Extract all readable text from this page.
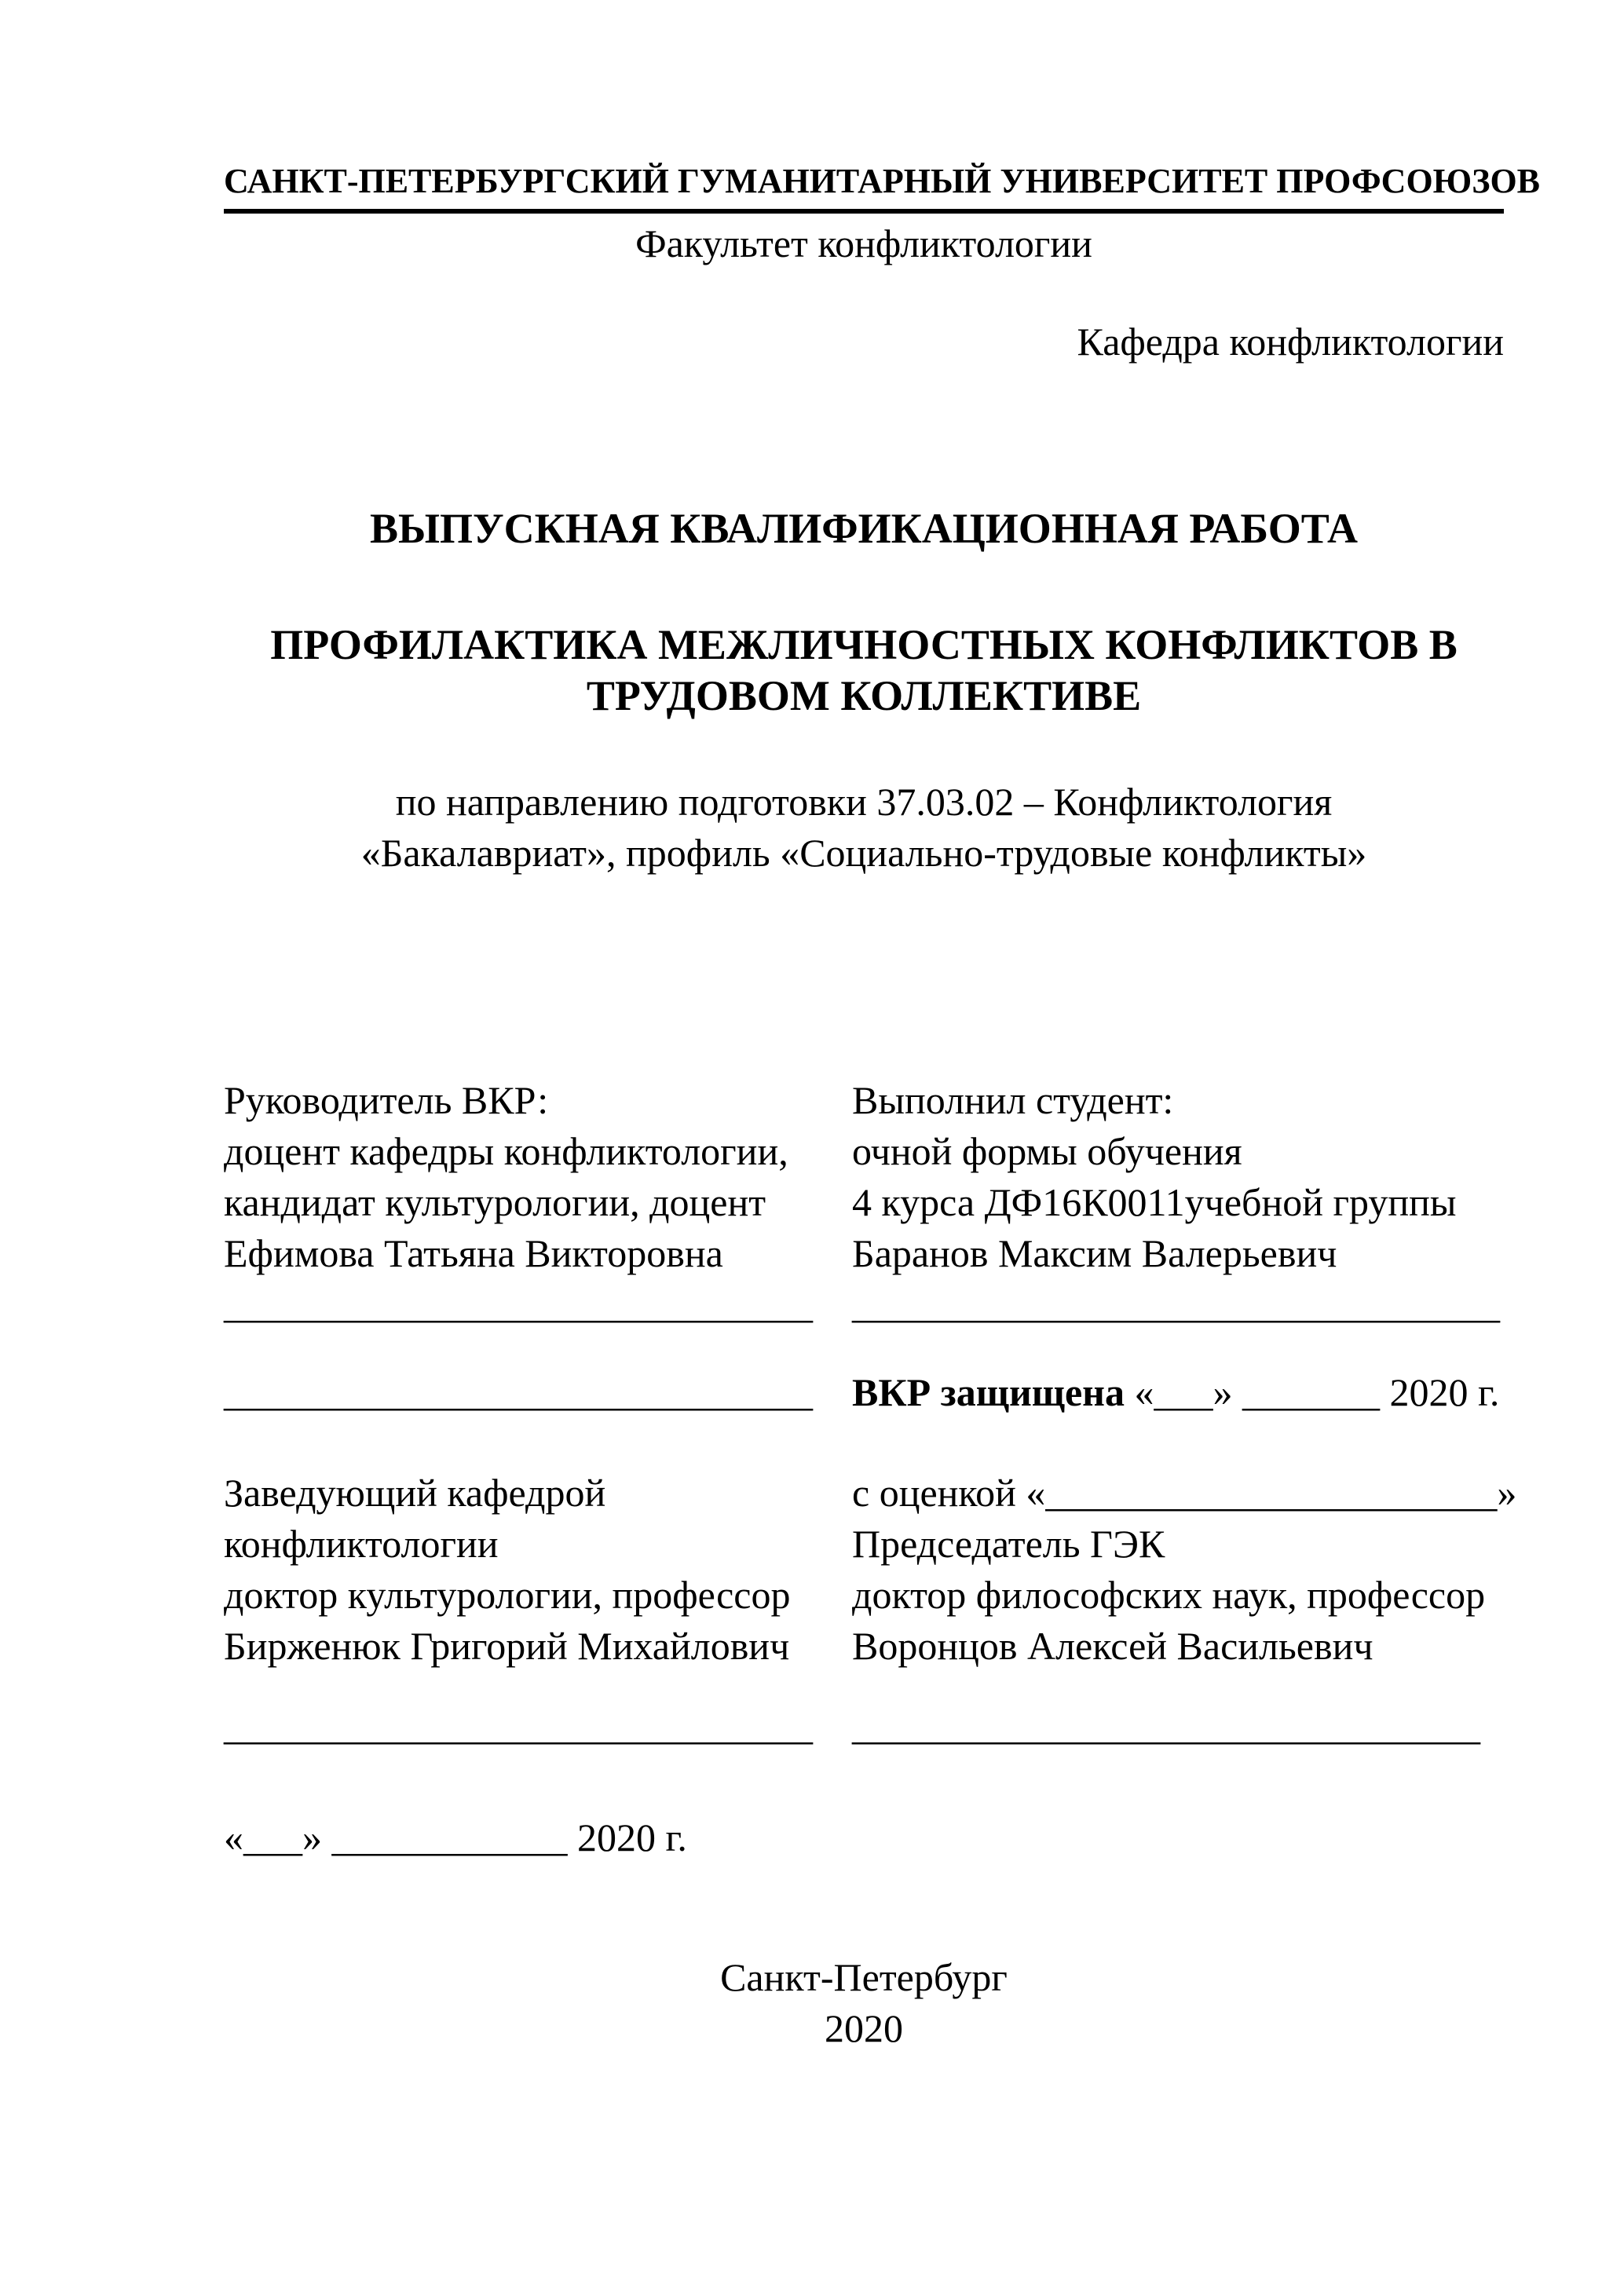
САНКТ-ПЕТЕРБУРГСКИЙ ГУМАНИТАРНЫЙ УНИВЕРСИТЕТ ПРОФСОЮЗОВ
Факультет конфликтологии
Кафедра конфликтологии
ВЫПУСКНАЯ КВАЛИФИКАЦИОННАЯ РАБОТА
ПРОФИЛАКТИКА МЕЖЛИЧНОСТНЫХ КОНФЛИКТОВ В
ТРУДОВОМ КОЛЛЕКТИВЕ
по направлению подготовки 37.03.02 – Конфликтология
«Бакалавриат», профиль «Социально-трудовые конфликты»
Руководитель ВКР:	Выполнил студент:
доцент кафедры конфликтологии,	очной формы обучения
кандидат культурологии, доцент	4 курса ДФ16К0011учебной группы
Ефимова Татьяна Викторовна	Баранов Максим Валерьевич
______________________________	_________________________________
______________________________	ВКР защищена «___» _______ 2020 г.
Заведующий кафедрой	с оценкой «_______________________»
конфликтологии	Председатель ГЭК
доктор культурологии, профессор	доктор философских наук, профессор
Бирженюк Григорий Михайлович	Воронцов Алексей Васильевич
______________________________	________________________________
«___» ____________ 2020 г.
Санкт-Петербург
2020
